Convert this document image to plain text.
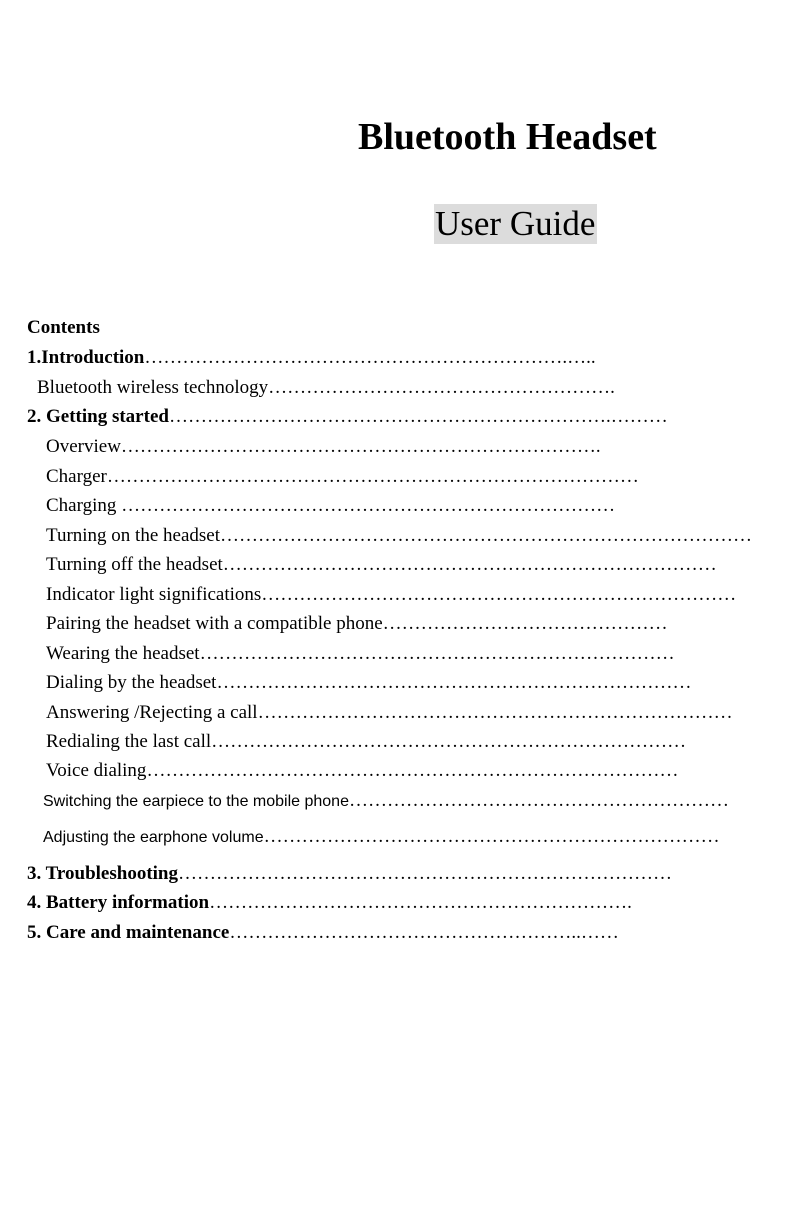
Bluetooth Headset
User Guide
Contents
1.Introduction………………………………………………………….…..
Bluetooth wireless technology……………………………………………….
2. Getting started…………………………………………………………….………
Overview………………………………………………………………….
Charger…………………………………………………………………………
Charging ……………………………………………………………………
Turning on the headset…………………………………………………………………………
Turning off the headset……………………………………………………………………
Indicator light significations…………………………………………………………………
Pairing the headset with a compatible phone………………………………………
Wearing the headset…………………………………………………………………
Dialing by the headset…………………………………………………………………
Answering /Rejecting a call…………………………………………………………………
Redialing the last call…………………………………………………………………
Voice dialing…………………………………………………………………………
Switching the earpiece to the mobile phone……………………………………………………
Adjusting the earphone volume………………………………………………………………
3. Troubleshooting……………………………………………………………………
4. Battery information………………………………………………………….
5. Care and maintenance………………………………………………..……
